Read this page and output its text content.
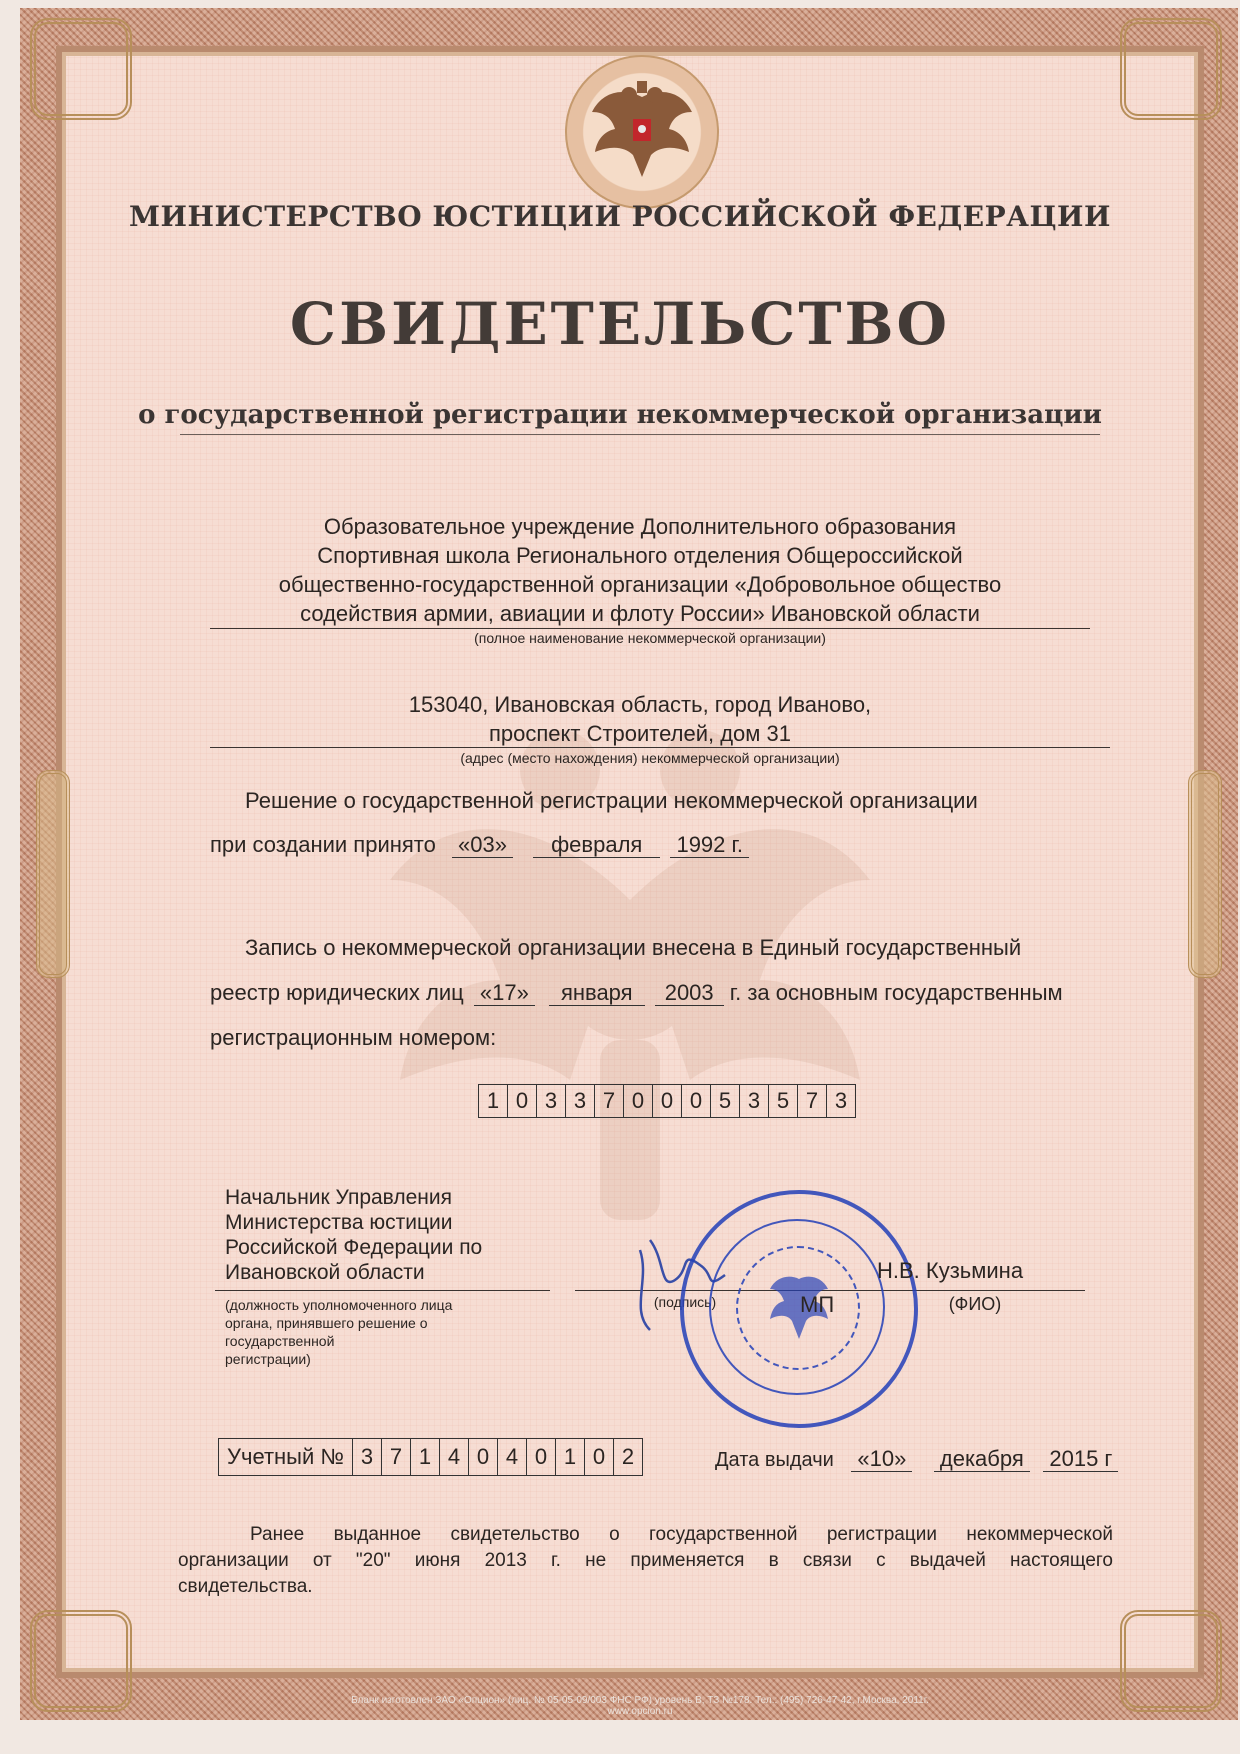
МИНИСТЕРСТВО ЮСТИЦИИ РОССИЙСКОЙ ФЕДЕРАЦИИ
СВИДЕТЕЛЬСТВО
о государственной регистрации некоммерческой организации
Образовательное учреждение Дополнительного образования
Спортивная школа Регионального отделения Общероссийской
общественно-государственной организации «Добровольное общество
содействия армии, авиации и флоту России» Ивановской области
(полное наименование некоммерческой организации)
153040, Ивановская область, город Иваново,
проспект Строителей, дом 31
(адрес (место нахождения) некоммерческой организации)
Решение о государственной регистрации некоммерческой организации
при создании принято «03» февраля 1992 г.
Запись о некоммерческой организации внесена в Единый государственный
реестр юридических лиц «17» января 2003 г. за основным государственным
регистрационным номером:
1 0 3 3 7 0 0 0 5 3 5 7 3
Начальник Управления
Министерства юстиции
Российской Федерации по
Ивановской области
(должность уполномоченного лица
органа, принявшего решение о
государственной
регистрации)
(подпись)	МП
Н.В. Кузьмина
(ФИО)
Учетный № 3 7 1 4 0 4 0 1 0 2	Дата выдачи «10» декабря 2015 г
Ранее выданное свидетельство о государственной регистрации некоммерческой
организации от "20" июня 2013 г. не применяется в связи с выдачей настоящего
свидетельства.
Бланк изготовлен ЗАО «Опцион» (лиц. № 05-05-09/003 ФНС РФ) уровень В, ТЗ №178. Тел.: (495) 726-47-42, г.Москва, 2011г. www.opcion.ru
